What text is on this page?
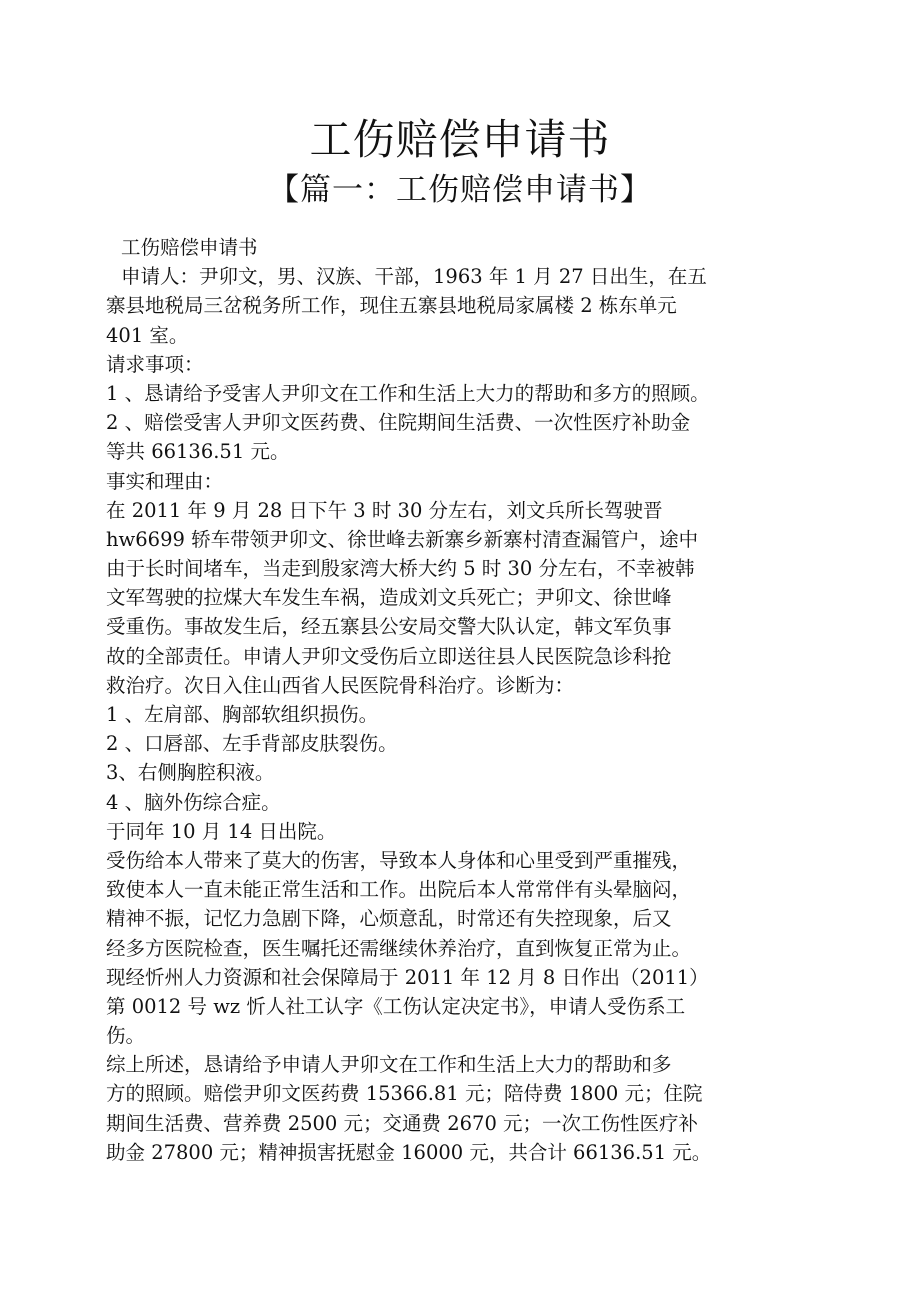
工伤赔偿申请书
【篇一：工伤赔偿申请书】
工伤赔偿申请书
申请人：尹卯文，男、汉族、干部，1963 年 1 月 27 日出生，在五
寨县地税局三岔税务所工作，现住五寨县地税局家属楼 2 栋东单元
401 室。
请求事项：
1 、恳请给予受害人尹卯文在工作和生活上大力的帮助和多方的照顾。
2 、赔偿受害人尹卯文医药费、住院期间生活费、一次性医疗补助金
等共 66136.51 元。
事实和理由：
在 2011 年 9 月 28 日下午 3 时 30 分左右，刘文兵所长驾驶晋
hw6699 轿车带领尹卯文、徐世峰去新寨乡新寨村清查漏管户，途中
由于长时间堵车，当走到殷家湾大桥大约 5 时 30 分左右，不幸被韩
文军驾驶的拉煤大车发生车祸，造成刘文兵死亡；尹卯文、徐世峰
受重伤。事故发生后，经五寨县公安局交警大队认定，韩文军负事
故的全部责任。申请人尹卯文受伤后立即送往县人民医院急诊科抢
救治疗。次日入住山西省人民医院骨科治疗。诊断为：
1 、左肩部、胸部软组织损伤。
2 、口唇部、左手背部皮肤裂伤。
3、右侧胸腔积液。
4 、脑外伤综合症。
于同年 10 月 14 日出院。
受伤给本人带来了莫大的伤害，导致本人身体和心里受到严重摧残，
致使本人一直未能正常生活和工作。出院后本人常常伴有头晕脑闷，
精神不振，记忆力急剧下降，心烦意乱，时常还有失控现象，后又
经多方医院检查，医生嘱托还需继续休养治疗，直到恢复正常为止。
现经忻州人力资源和社会保障局于 2011 年 12 月 8 日作出（2011）
第 0012 号 wz 忻人社工认字《工伤认定决定书》，申请人受伤系工
伤。
综上所述，恳请给予申请人尹卯文在工作和生活上大力的帮助和多
方的照顾。赔偿尹卯文医药费 15366.81 元；陪侍费 1800 元；住院
期间生活费、营养费 2500 元；交通费 2670 元；一次工伤性医疗补
助金 27800 元；精神损害抚慰金 16000 元，共合计 66136.51 元。
